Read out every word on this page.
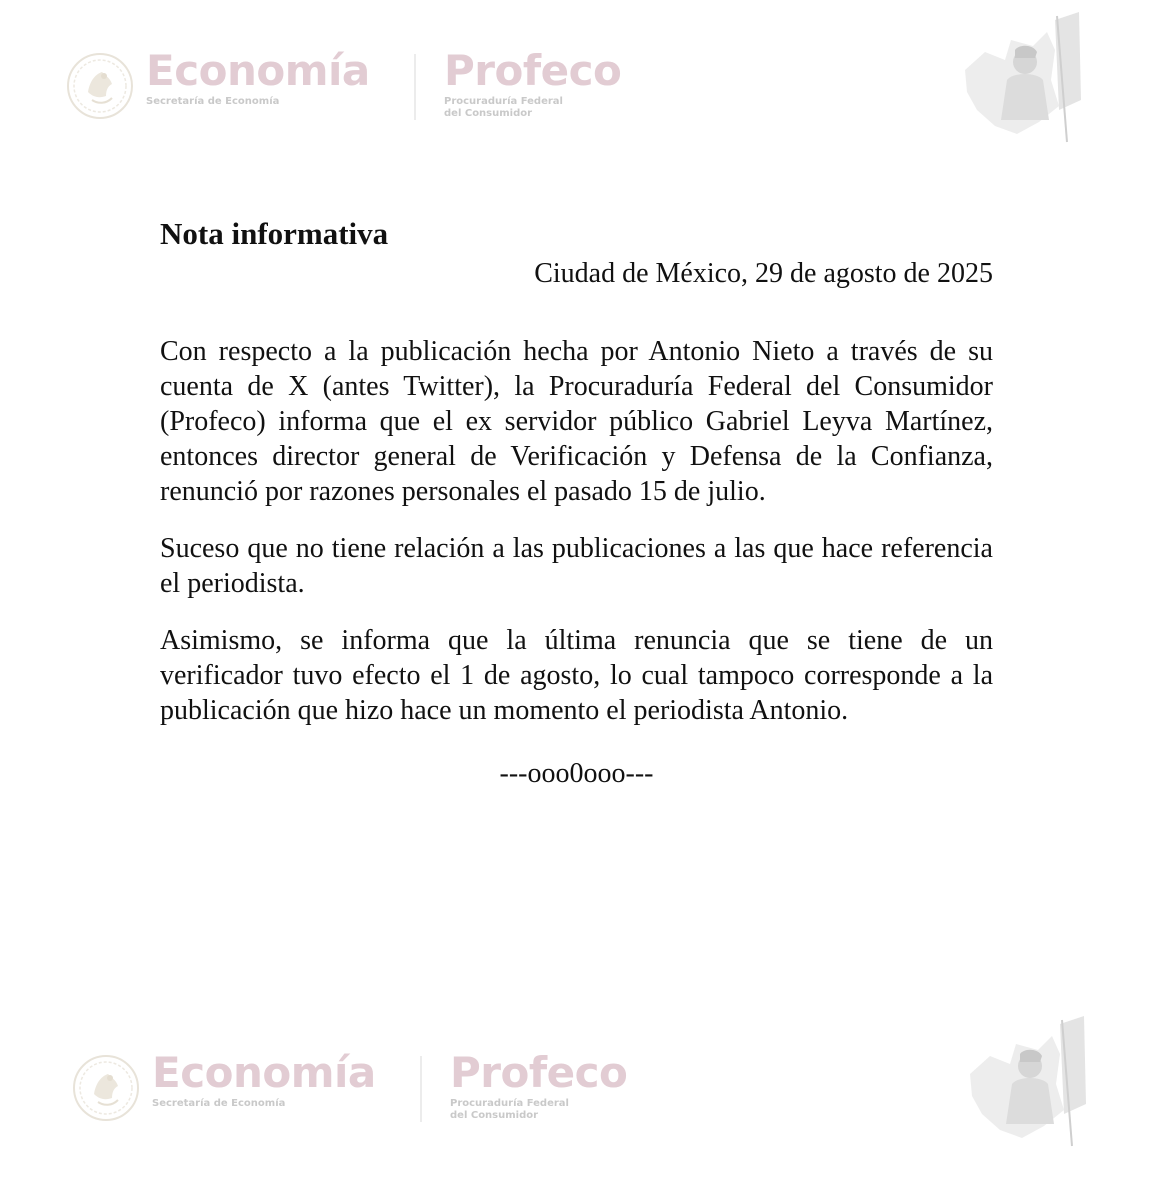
Economía
Secretaría de Economía
Profeco
Procuraduría Federal
del Consumidor
Nota informativa

Ciudad de México, 29 de agosto de 2025

Con respecto a la publicación hecha por Antonio Nieto a través de su cuenta de X (antes Twitter), la Procuraduría Federal del Consumidor (Profeco) informa que el ex servidor público Gabriel Leyva Martínez, entonces director general de Verificación y Defensa de la Confianza, renunció por razones personales el pasado 15 de julio.

Suceso que no tiene relación a las publicaciones a las que hace referencia el periodista.

Asimismo, se informa que la última renuncia que se tiene de un verificador tuvo efecto el 1 de agosto, lo cual tampoco corresponde a la publicación que hizo hace un momento el periodista Antonio.

---ooo0ooo---

Economía
Secretaría de Economía
Profeco
Procuraduría Federal
del Consumidor
